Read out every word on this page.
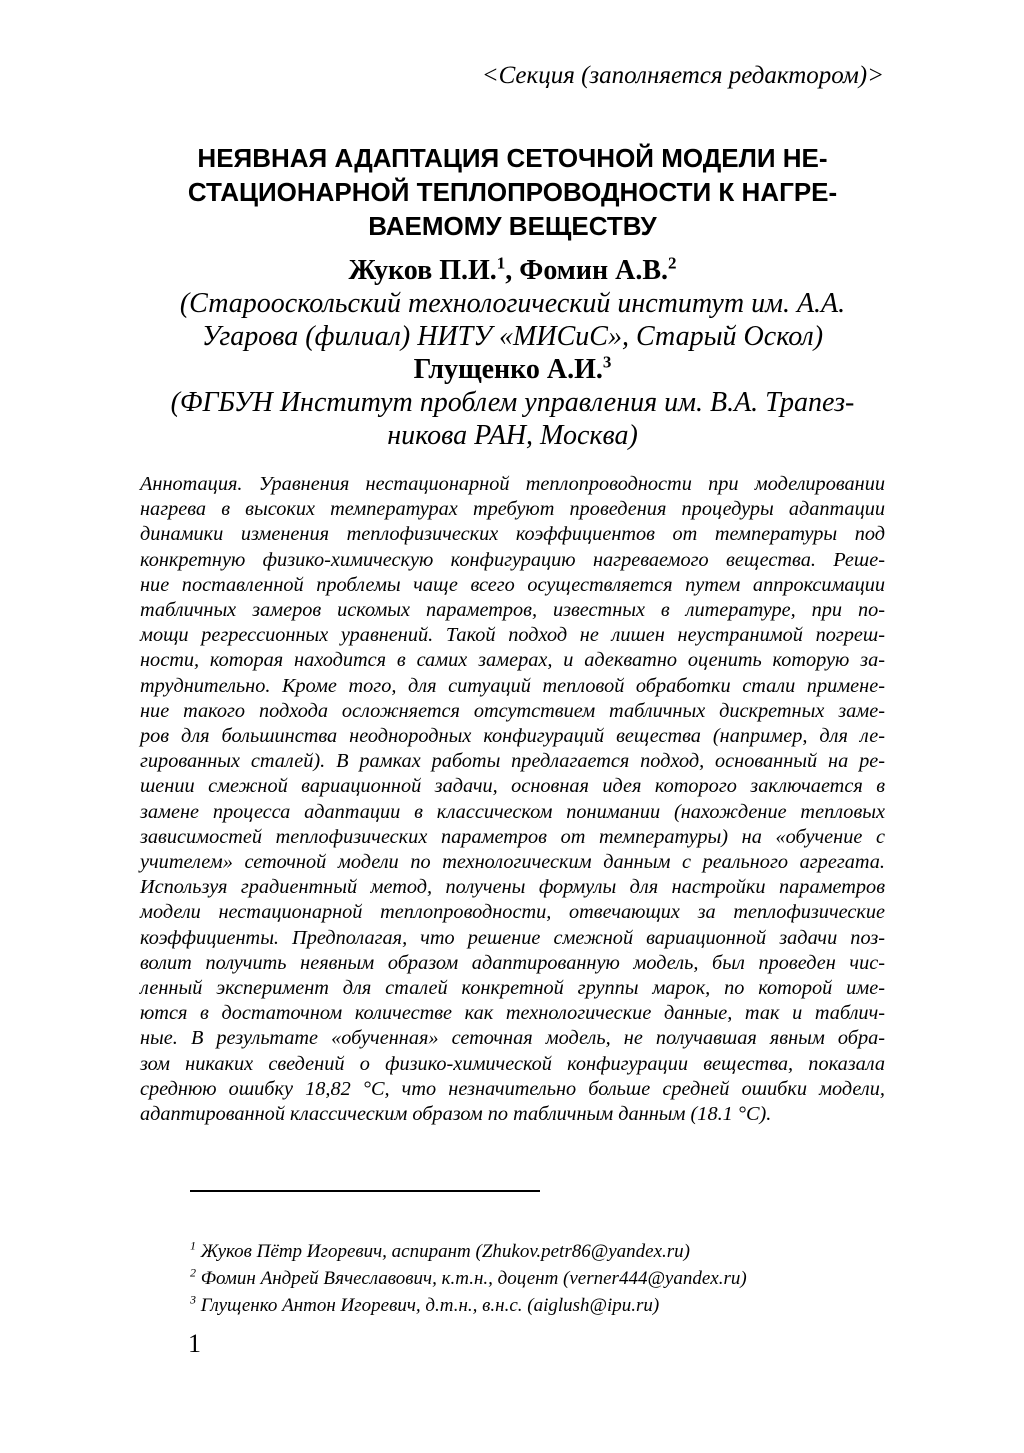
<Секция (заполняется редактором)>
НЕЯВНАЯ АДАПТАЦИЯ СЕТОЧНОЙ МОДЕЛИ НЕ-
СТАЦИОНАРНОЙ ТЕПЛОПРОВОДНОСТИ К НАГРЕ-
ВАЕМОМУ ВЕЩЕСТВУ
Жуков П.И.$^1$, Фомин А.В.$^2$
(Старооскольский технологический институт им. А.А.
Угарова (филиал) НИТУ «МИСиС», Старый Оскол)
Глущенко А.И.$^3$
(ФГБУН Институт проблем управления им. В.А. Трапез-
никова РАН, Москва)
Аннотация. Уравнения нестационарной теплопроводности при моделировании
нагрева в высоких температурах требуют проведения процедуры адаптации
динамики изменения теплофизических коэффициентов от температуры под
конкретную физико-химическую конфигурацию нагреваемого вещества. Реше-
ние поставленной проблемы чаще всего осуществляется путем аппроксимации
табличных замеров искомых параметров, известных в литературе, при по-
мощи регрессионных уравнений. Такой подход не лишен неустранимой погреш-
ности, которая находится в самих замерах, и адекватно оценить которую за-
труднительно. Кроме того, для ситуаций тепловой обработки стали примене-
ние такого подхода осложняется отсутствием табличных дискретных заме-
ров для большинства неоднородных конфигураций вещества (например, для ле-
гированных сталей). В рамках работы предлагается подход, основанный на ре-
шении смежной вариационной задачи, основная идея которого заключается в
замене процесса адаптации в классическом понимании (нахождение тепловых
зависимостей теплофизических параметров от температуры) на «обучение с
учителем» сеточной модели по технологическим данным с реального агрегата.
Используя градиентный метод, получены формулы для настройки параметров
модели нестационарной теплопроводности, отвечающих за теплофизические
коэффициенты. Предполагая, что решение смежной вариационной задачи поз-
волит получить неявным образом адаптированную модель, был проведен чис-
ленный эксперимент для сталей конкретной группы марок, по которой име-
ются в достаточном количестве как технологические данные, так и таблич-
ные. В результате «обученная» сеточная модель, не получавшая явным обра-
зом никаких сведений о физико-химической конфигурации вещества, показала
среднюю ошибку 18,82 °С, что незначительно больше средней ошибки модели,
адаптированной классическим образом по табличным данным (18.1 °С).
$^1$ Жуков Пётр Игоревич, аспирант (Zhukov.petr86@yandex.ru)
$^2$ Фомин Андрей Вячеславович, к.т.н., доцент (verner444@yandex.ru)
$^3$ Глущенко Антон Игоревич, д.т.н., в.н.с. (aiglush@ipu.ru)
1
